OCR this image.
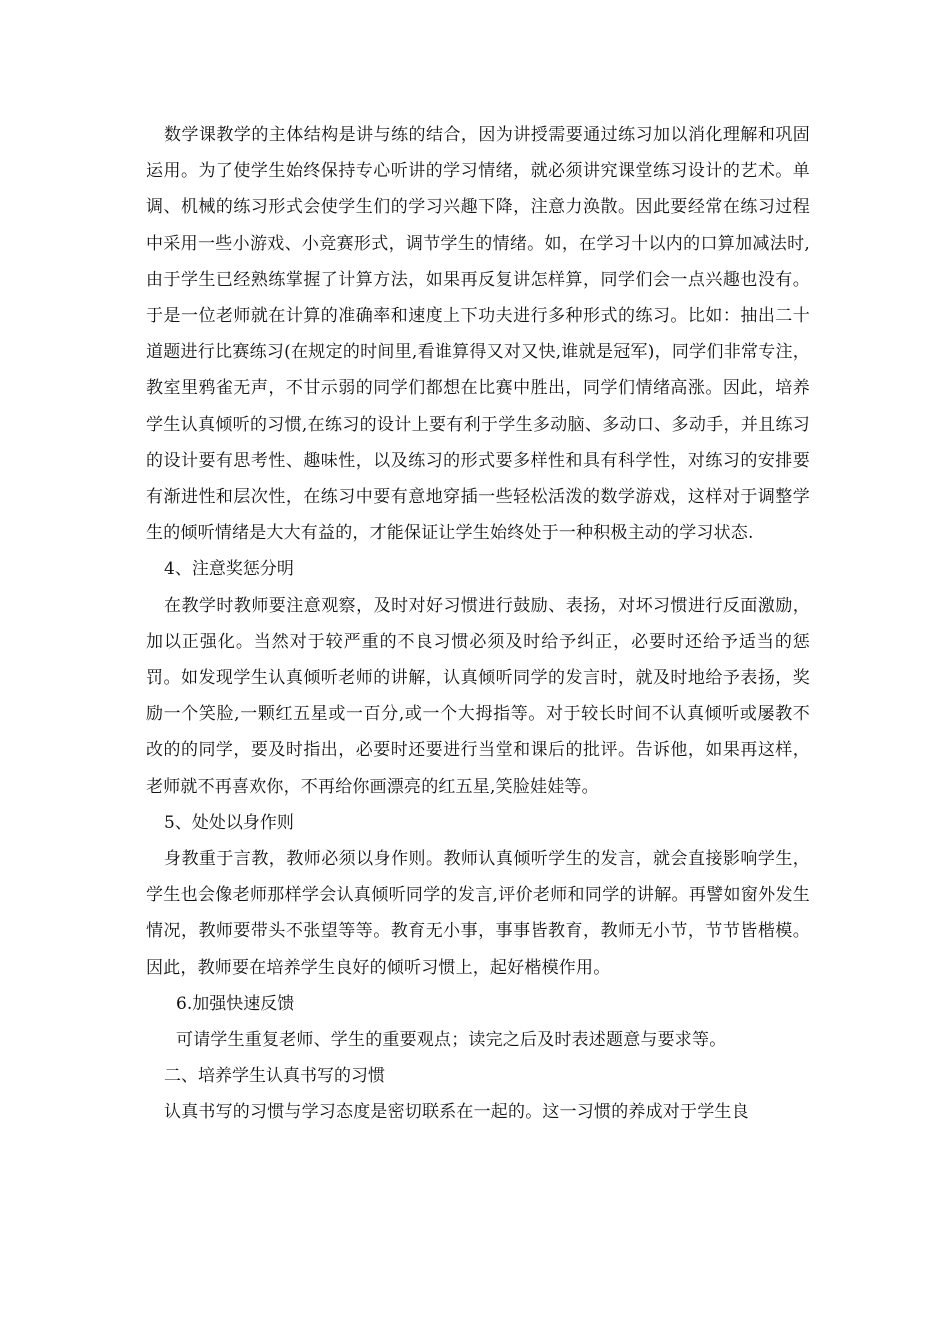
数学课教学的主体结构是讲与练的结合，因为讲授需要通过练习加以消化理解和巩固运用。为了使学生始终保持专心听讲的学习情绪，就必须讲究课堂练习设计的艺术。单调、机械的练习形式会使学生们的学习兴趣下降，注意力涣散。因此要经常在练习过程中采用一些小游戏、小竞赛形式，调节学生的情绪。如，在学习十以内的口算加减法时,由于学生已经熟练掌握了计算方法，如果再反复讲怎样算，同学们会一点兴趣也没有。于是一位老师就在计算的准确率和速度上下功夫进行多种形式的练习。比如：抽出二十道题进行比赛练习(在规定的时间里,看谁算得又对又快,谁就是冠军)，同学们非常专注，教室里鸦雀无声，不甘示弱的同学们都想在比赛中胜出，同学们情绪高涨。因此，培养学生认真倾听的习惯,在练习的设计上要有利于学生多动脑、多动口、多动手，并且练习的设计要有思考性、趣味性，以及练习的形式要多样性和具有科学性，对练习的安排要有渐进性和层次性，在练习中要有意地穿插一些轻松活泼的数学游戏，这样对于调整学生的倾听情绪是大大有益的，才能保证让学生始终处于一种积极主动的学习状态.

4、注意奖惩分明

在教学时教师要注意观察，及时对好习惯进行鼓励、表扬，对坏习惯进行反面激励，加以正强化。当然对于较严重的不良习惯必须及时给予纠正，必要时还给予适当的惩罚。如发现学生认真倾听老师的讲解，认真倾听同学的发言时，就及时地给予表扬，奖励一个笑脸,一颗红五星或一百分,或一个大拇指等。对于较长时间不认真倾听或屡教不改的的同学，要及时指出，必要时还要进行当堂和课后的批评。告诉他，如果再这样，老师就不再喜欢你，不再给你画漂亮的红五星,笑脸娃娃等。

5、处处以身作则

身教重于言教，教师必须以身作则。教师认真倾听学生的发言，就会直接影响学生，学生也会像老师那样学会认真倾听同学的发言,评价老师和同学的讲解。再譬如窗外发生情况，教师要带头不张望等等。教育无小事，事事皆教育，教师无小节，节节皆楷模。因此，教师要在培养学生良好的倾听习惯上，起好楷模作用。

6.加强快速反馈

可请学生重复老师、学生的重要观点；读完之后及时表述题意与要求等。

二、培养学生认真书写的习惯

认真书写的习惯与学习态度是密切联系在一起的。这一习惯的养成对于学生良
